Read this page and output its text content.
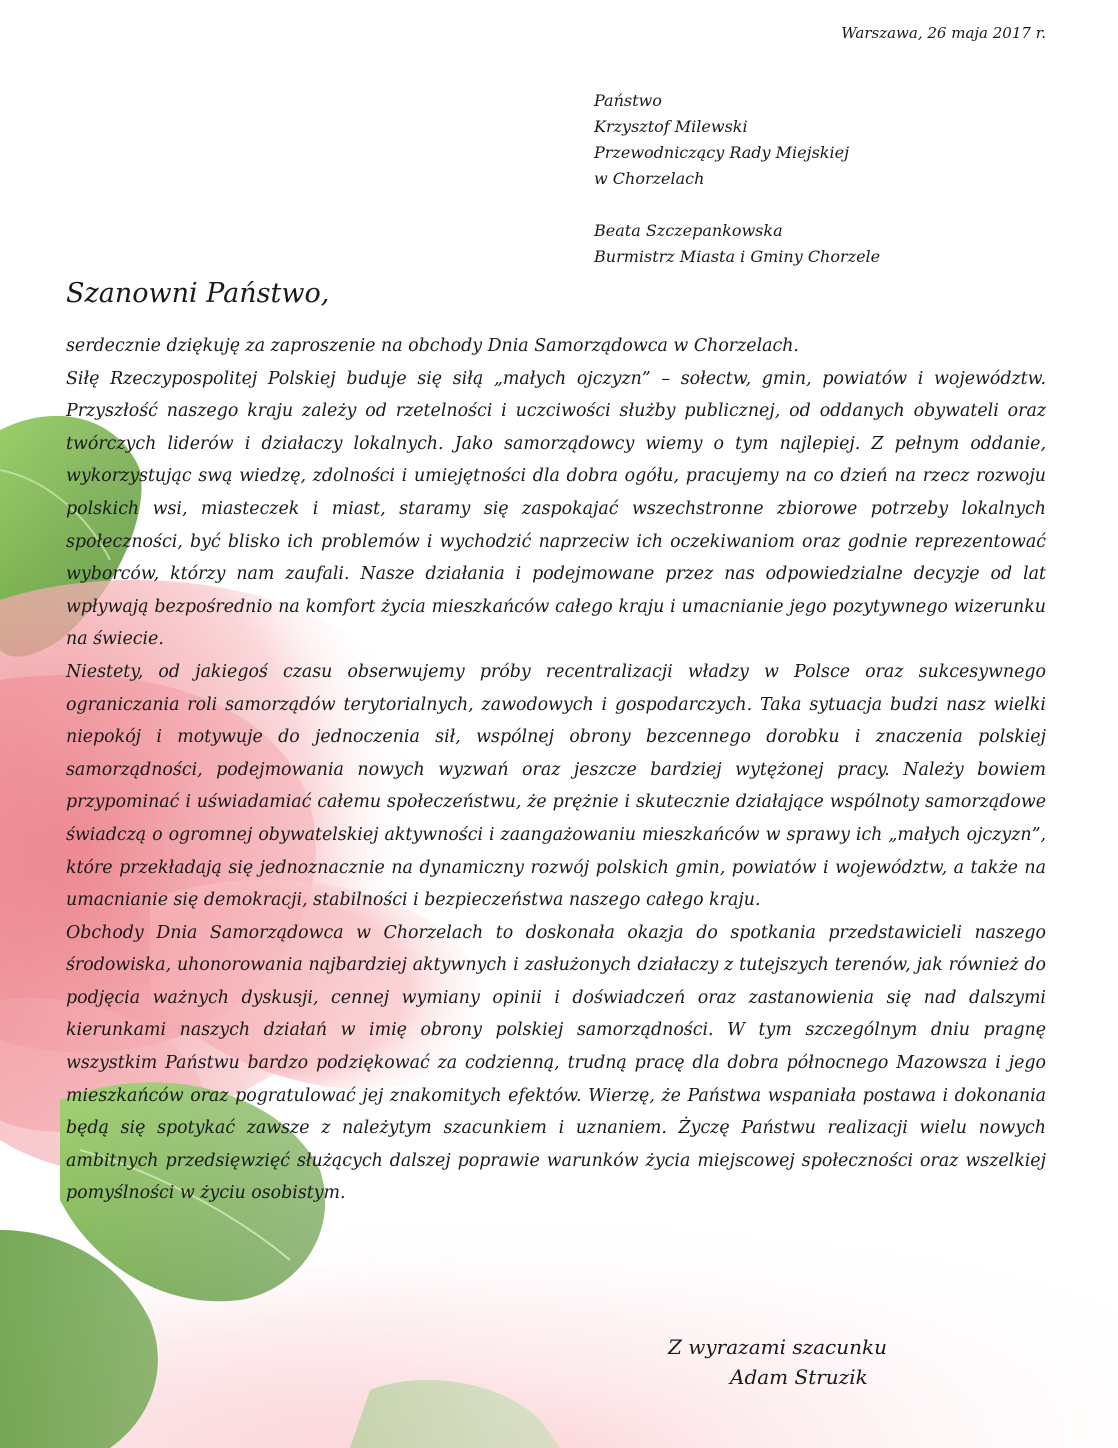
Warszawa, 26 maja 2017 r.

Państwo

Krzysztof Milewski

Przewodniczący Rady Miejskiej

w Chorzelach

Beata Szczepankowska

Burmistrz Miasta i Gminy Chorzele

Szanowni Państwo,

serdecznie dziękuję za zaproszenie na obchody Dnia Samorządowca w Chorzelach.

Siłę Rzeczypospolitej Polskiej buduje się siłą „małych ojczyzn” – sołectw, gmin, powiatów i województw. Przyszłość naszego kraju zależy od rzetelności i uczciwości służby publicznej, od oddanych obywateli oraz twórczych liderów i działaczy lokalnych. Jako samorządowcy wiemy o tym najlepiej. Z pełnym oddanie, wykorzystując swą wiedzę, zdolności i umiejętności dla dobra ogółu, pracujemy na co dzień na rzecz rozwoju polskich wsi, miasteczek i miast, staramy się zaspokajać wszechstronne zbiorowe potrzeby lokalnych społeczności, być blisko ich problemów i wychodzić naprzeciw ich oczekiwaniom oraz godnie reprezentować wyborców, którzy nam zaufali. Nasze działania i podejmowane przez nas odpowiedzialne decyzje od lat wpływają bezpośrednio na komfort życia mieszkańców całego kraju i umacnianie jego pozytywnego wizerunku na świecie.

Niestety, od jakiegoś czasu obserwujemy próby recentralizacji władzy w Polsce oraz sukcesywnego ograniczania roli samorządów terytorialnych, zawodowych i gospodarczych. Taka sytuacja budzi nasz wielki niepokój i motywuje do jednoczenia sił, wspólnej obrony bezcennego dorobku i znaczenia polskiej samorządności, podejmowania nowych wyzwań oraz jeszcze bardziej wytężonej pracy. Należy bowiem przypominać i uświadamiać całemu społeczeństwu, że prężnie i skutecznie działające wspólnoty samorządowe świadczą o ogromnej obywatelskiej aktywności i zaangażowaniu mieszkańców w sprawy ich „małych ojczyzn”, które przekładają się jednoznacznie na dynamiczny rozwój polskich gmin, powiatów i województw, a także na umacnianie się demokracji, stabilności i bezpieczeństwa naszego całego kraju.

Obchody Dnia Samorządowca w Chorzelach to doskonała okazja do spotkania przedstawicieli naszego środowiska, uhonorowania najbardziej aktywnych i zasłużonych działaczy z tutejszych terenów, jak również do podjęcia ważnych dyskusji, cennej wymiany opinii i doświadczeń oraz zastanowienia się nad dalszymi kierunkami naszych działań w imię obrony polskiej samorządności. W tym szczególnym dniu pragnę wszystkim Państwu bardzo podziękować za codzienną, trudną pracę dla dobra północnego Mazowsza i jego mieszkańców oraz pogratulować jej znakomitych efektów. Wierzę, że Państwa wspaniała postawa i dokonania będą się spotykać zawsze z należytym szacunkiem i uznaniem. Życzę Państwu realizacji wielu nowych ambitnych przedsięwzięć służących dalszej poprawie warunków życia miejscowej społeczności oraz wszelkiej pomyślności w życiu osobistym.

Z wyrazami szacunku
Adam Struzik
